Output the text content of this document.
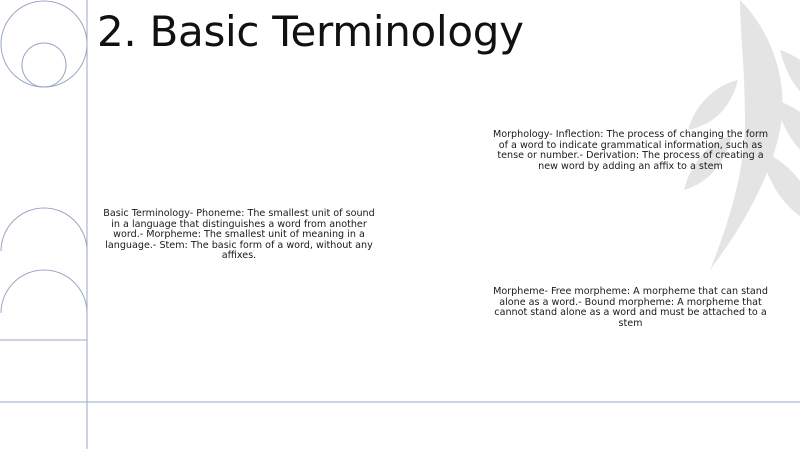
2. Basic Terminology
Basic Terminology- Phoneme: The smallest unit of sound in a language that distinguishes a word from another word.- Morpheme: The smallest unit of meaning in a language.- Stem: The basic form of a word, without any affixes.
Morphology- Inflection: The process of changing the form of a word to indicate grammatical information, such as tense or number.- Derivation: The process of creating a new word by adding an affix to a stem
Morpheme- Free morpheme: A morpheme that can stand alone as a word.- Bound morpheme: A morpheme that cannot stand alone as a word and must be attached to a stem
